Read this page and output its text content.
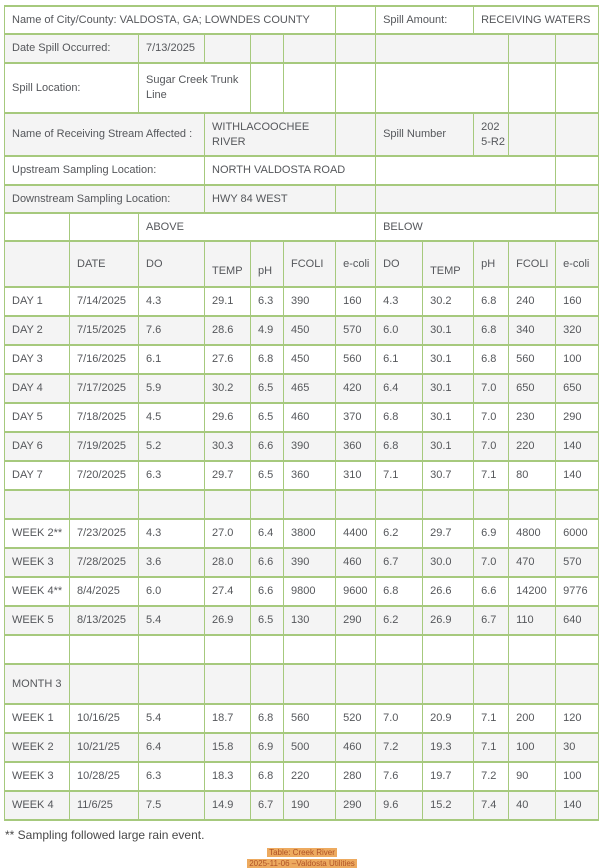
Name of City/County: VALDOSTA, GA; LOWNDES COUNTY							Spill Amount:		RECEIVING WATERS		
Date Spill Occurred:		7/13/2025									
Spill Location:		Sugar Creek Trunk Line									
Name of Receiving Stream Affected :			WITHLACOOCHEE RIVER				Spill Number		2025-R2		
Upstream Sampling Location:			NORTH VALDOSTA ROAD								
Downstream Sampling Location:			HWY 84 WEST								
		ABOVE					BELOW				
	DATE	DO	TEMP	pH	FCOLI	e-coli	DO	TEMP	pH	FCOLI	e-coli
DAY 1	7/14/2025	4.3	29.1	6.3	390	160	4.3	30.2	6.8	240	160
DAY 2	7/15/2025	7.6	28.6	4.9	450	570	6.0	30.1	6.8	340	320
DAY 3	7/16/2025	6.1	27.6	6.8	450	560	6.1	30.1	6.8	560	100
DAY 4	7/17/2025	5.9	30.2	6.5	465	420	6.4	30.1	7.0	650	650
DAY 5	7/18/2025	4.5	29.6	6.5	460	370	6.8	30.1	7.0	230	290
DAY 6	7/19/2025	5.2	30.3	6.6	390	360	6.8	30.1	7.0	220	140
DAY 7	7/20/2025	6.3	29.7	6.5	360	310	7.1	30.7	7.1	80	140

WEEK 2**	7/23/2025	4.3	27.0	6.4	3800	4400	6.2	29.7	6.9	4800	6000
WEEK 3	7/28/2025	3.6	28.0	6.6	390	460	6.7	30.0	7.0	470	570
WEEK 4**	8/4/2025	6.0	27.4	6.6	9800	9600	6.8	26.6	6.6	14200	9776
WEEK 5	8/13/2025	5.4	26.9	6.5	130	290	6.2	26.9	6.7	110	640

MONTH 3											
WEEK 1	10/16/25	5.4	18.7	6.8	560	520	7.0	20.9	7.1	200	120
WEEK 2	10/21/25	6.4	15.8	6.9	500	460	7.2	19.3	7.1	100	30
WEEK 3	10/28/25	6.3	18.3	6.8	220	280	7.6	19.7	7.2	90	100
WEEK 4	11/6/25	7.5	14.9	6.7	190	290	9.6	15.2	7.4	40	140
** Sampling followed large rain event.
Table: Creek River
2025-11-06 –Valdosta Utilities
